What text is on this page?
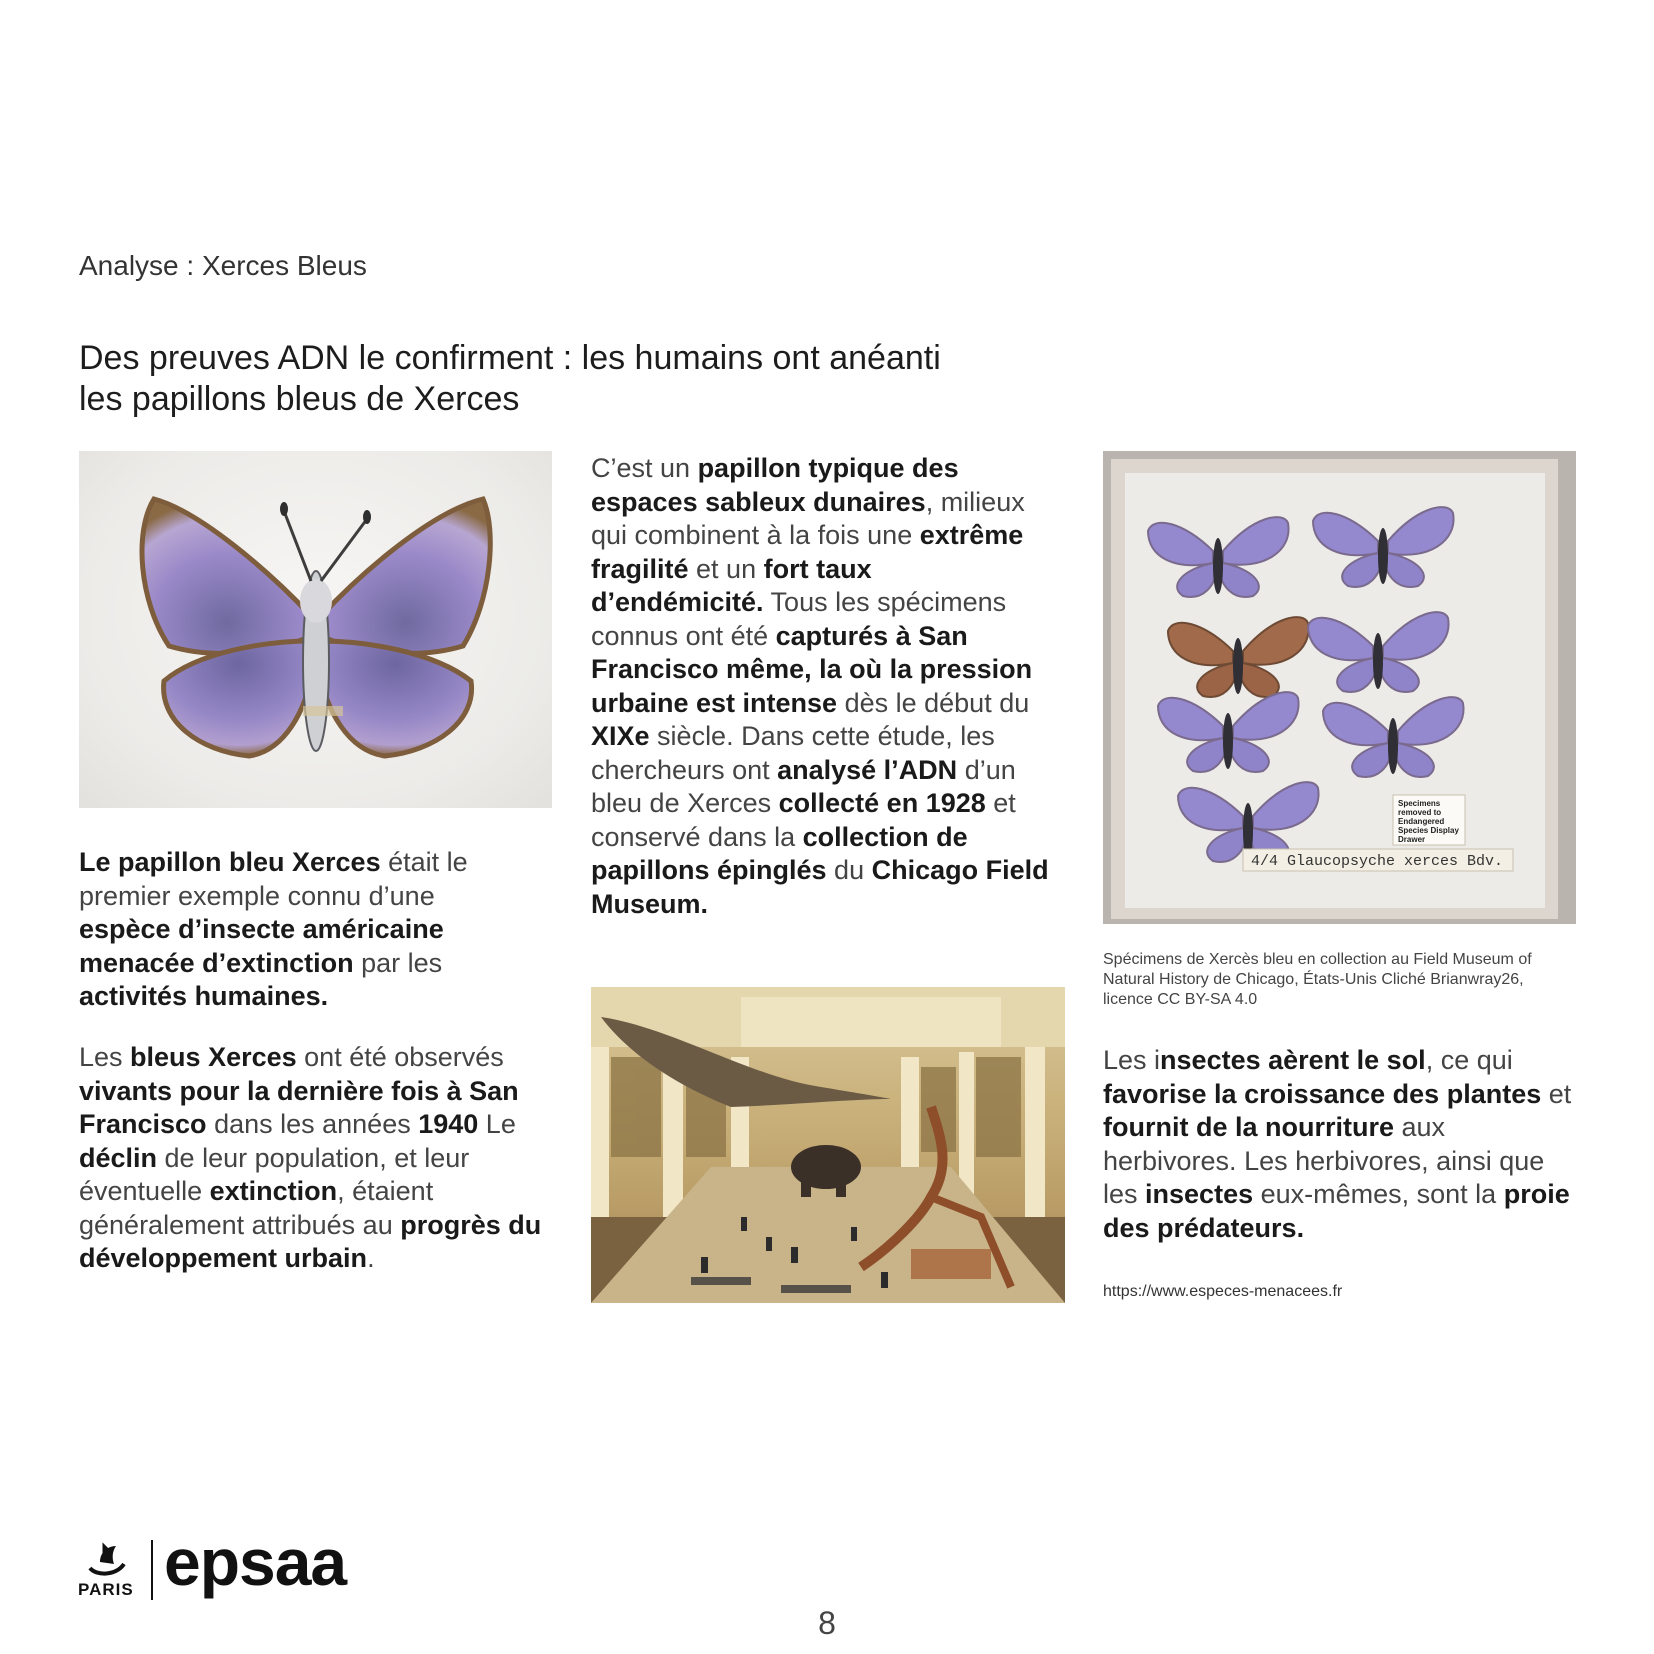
Analyse : Xerces Bleus
Des preuves ADN le confirment : les humains ont anéanti
les papillons bleus de Xerces
Le papillon bleu Xerces était le premier exemple connu d’une espèce d’insecte américaine menacée d’extinction par les activités humaines.
Les bleus Xerces ont été observés vivants pour la dernière fois à San Francisco dans les années 1940 Le déclin de leur population, et leur éventuelle extinction, étaient généralement attribués au progrès du développement urbain.
C’est un papillon typique des espaces sableux dunaires, milieux qui combinent à la fois une extrême fragilité et un fort taux d’endémicité. Tous les spécimens connus ont été capturés à San Francisco même, la où la pression urbaine est intense dès le début du XIXe siècle. Dans cette étude, les chercheurs ont analysé l’ADN d’un bleu de Xerces collecté en 1928 et conservé dans la collection de papillons épinglés du Chicago Field Museum.
4/4 Glaucopsyche xerces Bdv.
Specimens removed to Endangered Species Display Drawer
Spécimens de Xercès bleu en collection au Field Museum of Natural History de Chicago, États-Unis Cliché Brianwray26, licence CC BY-SA 4.0
Les insectes aèrent le sol, ce qui favorise la croissance des plantes et fournit de la nourriture aux herbivores. Les herbivores, ainsi que les insectes eux-mêmes, sont la proie des prédateurs.
https://www.especes-menacees.fr
PARIS epsaa
8
